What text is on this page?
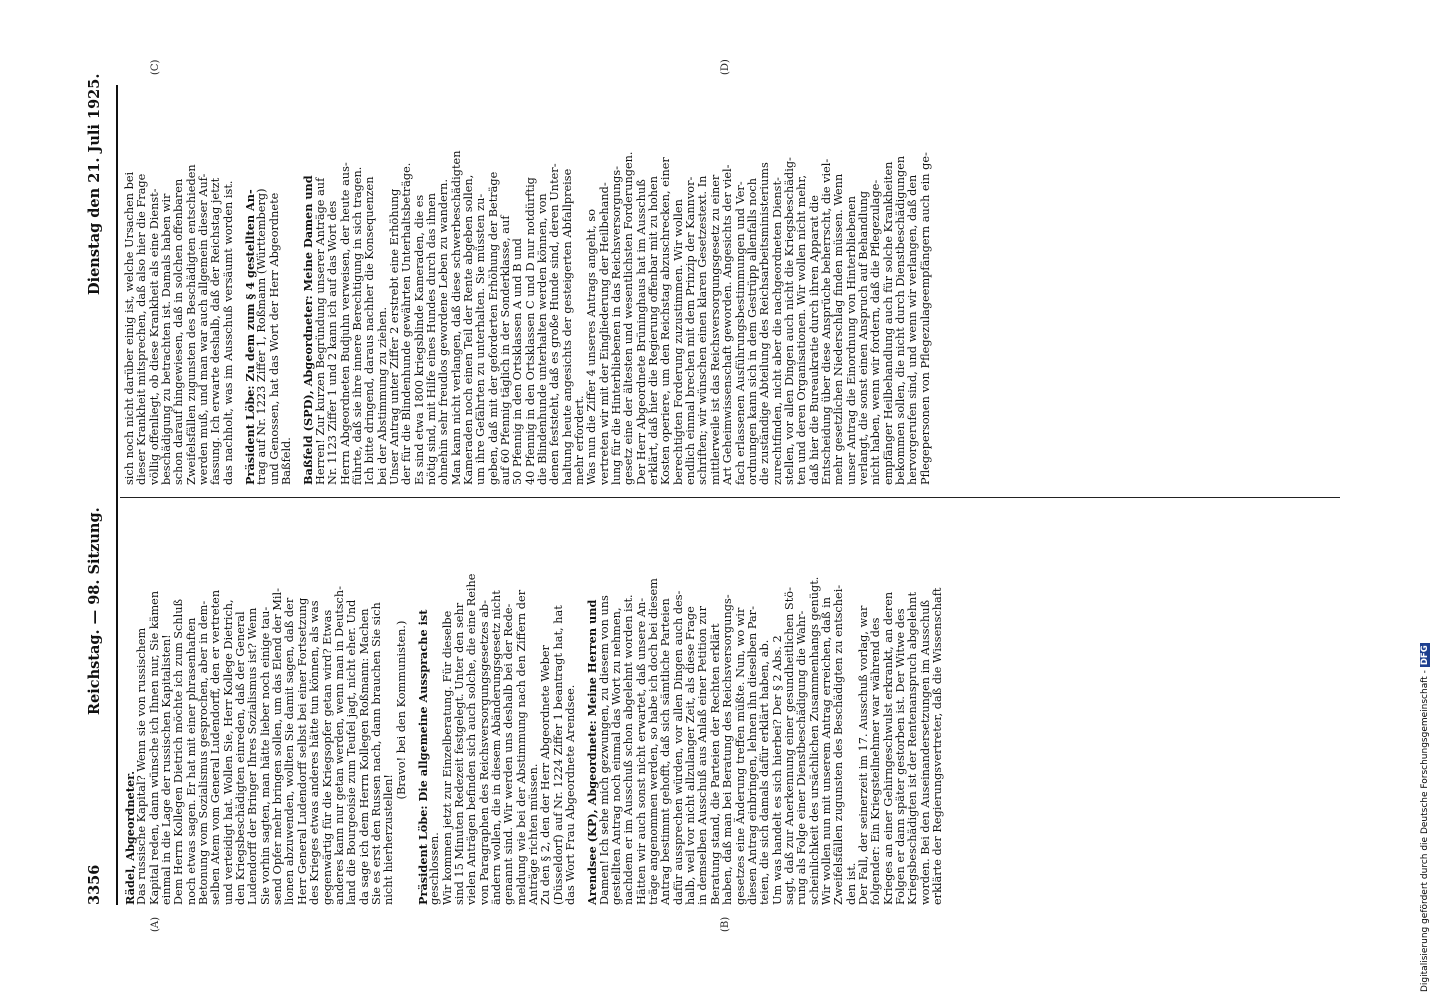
3356
Reichstag. — 98. Sitzung.
Dienstag den 21. Juli 1925.
(A)	(B)
(C)	(D)
Rädel, Abgeordneter.
Das russische Kapital? Wenn sie von russischem Kapital reden, dann wünsche ich Ihnen nur, Sie kämen einmal in die Lage der russischen Kapitalisten! Dem Herrn Kollegen Dietrich möchte ich zum Schluß noch etwas sagen. Er hat mit einer phrasenhaften Betonung vom Sozialismus gesprochen, aber in dem- selben Atem vom General Ludendorff, den er vertreten und verteidigt hat. Wollen Sie, Herr Kollege Dietrich, den Kriegsbeschädigten einreden, daß der General Ludendorff der Bringer Ihres Sozialismus ist? Wenn Sie vorhin sagten, man hätte lieber noch einige tau- send Opfer mehr bringen sollen, um das Elend der Mil- lionen abzuwenden, wollten Sie damit sagen, daß der Herr General Ludendorff selbst bei einer Fortsetzung des Krieges etwas anderes hätte tun können, als was gegenwärtig für die Kriegsopfer getan wird? Etwas anderes kann nur getan werden, wenn man in Deutsch- land die Bourgeoisie zum Teufel jagt, nicht eher. Und da sage ich dem Herrn Kollegen Roßmann: Machen Sie es erst den Russen nach, dann brauchen Sie sich nicht hierherzustellen!
(Bravo! bei den Kommunisten.) Präsident Löbe: Die allgemeine Aussprache ist
geschlossen. Wir kommen jetzt zur Einzelberatung. Für dieselbe sind 15 Minuten Redezeit festgelegt. Unter den sehr vielen Anträgen befinden sich auch solche, die eine Reihe von Paragraphen des Reichsversorgungsgesetzes ab- ändern wollen, die in diesem Abänderungsgesetz nicht genannt sind. Wir werden uns deshalb bei der Rede- meldung wie bei der Abstimmung nach den Ziffern der Anträge richten müssen. Zu den § 2, den der Herr Abgeordnete Weber (Düsseldorf) auf Nr. 1224 Ziffer 1 beantragt hat, hat das Wort Frau Abgeordnete Arendsee. Arendsee (KP), Abgeordnete: Meine Herren und
Damen! Ich sehe mich gezwungen, zu diesem von uns gestellten Antrag noch einmal das Wort zu nehmen, nachdem er im Ausschuß schon abgelehnt worden ist. Hätten wir auch sonst nicht erwartet, daß unsere An- träge angenommen werden, so habe ich doch bei diesem Antrag bestimmt gehofft, daß sich sämtliche Parteien dafür aussprechen würden, vor allen Dingen auch des- halb, weil vor nicht allzulanger Zeit, als diese Frage in demselben Ausschuß aus Anlaß einer Petition zur Beratung stand, die Parteien der Rechten erklärt haben, daß man bei Beratung des Reichsversorgungs- gesetzes eine Änderung treffen müßte. Nun, wo wir diesen Antrag einbringen, lehnen ihn dieselben Par- teien, die sich damals dafür erklärt haben, ab. Um was handelt es sich hierbei? Der § 2 Abs. 2 sagt, daß zur Anerkennung einer gesundheitlichen Stö- rung als Folge einer Dienstbeschädigung die Wahr- scheinlichkeit des ursächlichen Zusammenhangs genügt. Wir wollen nun mit unserem Antrag erreichen, daß in Zweifelsfällen zugunsten des Beschädigten zu entschei- den ist. Der Fall, der seinerzeit im 17. Ausschuß vorlag, war folgender: Ein Kriegsteilnehmer war während des Krieges an einer Gehirngeschwulst erkrankt, an deren Folgen er dann später gestorben ist. Der Witwe des Kriegsbeschädigten ist der Rentenanspruch abgelehnt worden. Bei den Auseinandersetzungen im Ausschuß erklärte der Regierungsvertreter, daß die Wissenschaft
sich noch nicht darüber einig ist, welche Ursachen bei dieser Krankheit mitsprechen, daß also hier die Frage völlig offenliegt, ob diese Krankheit als eine Dienst- beschädigung zu betrachten ist. Damals haben wir schon darauf hingewiesen, daß in solchen offenbaren Zweifelsfällen zugunsten des Beschädigten entschieden werden muß, und man war auch allgemein dieser Auf- fassung. Ich erwarte deshalb, daß der Reichstag jetzt das nachholt, was im Ausschuß versäumt worden ist. Präsident Löbe: Zu dem zum § 4 gestellten An-
trag auf Nr. 1223 Ziffer 1, Roßmann (Württemberg) und Genossen, hat das Wort der Herr Abgeordnete Baßfeld. Baßfeld (SPD), Abgeordneter: Meine Damen und
Herren! Zur kurzen Begründung unserer Anträge auf Nr. 1123 Ziffer 1 und 2 kann ich auf das Wort des Herrn Abgeordneten Budjuhn verweisen, der heute aus- führte, daß sie ihre innere Berechtigung in sich tragen. Ich bitte dringend, daraus nachher die Konsequenzen bei der Abstimmung zu ziehen. Unser Antrag unter Ziffer 2 erstrebt eine Erhöhung der für die Blindenhunde gewährten Unterhaltsbeträge. Es sind etwa 1800 kriegsblinde Kameraden, die es nötig sind, mit Hilfe eines Hundes durch das ihnen ohnehin sehr freudlos gewordene Leben zu wandern. Man kann nicht verlangen, daß diese schwerbeschädigten Kameraden noch einen Teil der Rente abgeben sollen, um ihre Gefährten zu unterhalten. Sie müssten zu- geben, daß mit der geforderten Erhöhung der Beträge auf 60 Pfennig täglich in der Sonderklasse, auf 50 Pfennig in den Ortsklassen A und B und 40 Pfennig in den Ortsklassen C und D nur notdürftig die Blindenhunde unterhalten werden können, von denen feststeht, daß es große Hunde sind, deren Unter- haltung heute angesichts der gesteigerten Abfallpreise mehr erfordert. Was nun die Ziffer 4 unseres Antrags angeht, so vertreten wir mit der Eingliederung der Heilbehand- lung für die Hinterbliebenen in das Reichsversorgungs- gesetz eine der ältesten und wesentlichsten Forderungen. Der Herr Abgeordnete Brüninghaus hat im Ausschuß erklärt, daß hier die Regierung offenbar mit zu hohen Kosten operiere, um den Reichstag abzuschrecken, einer berechtigten Forderung zuzustimmen. Wir wollen endlich einmal brechen mit dem Prinzip der Kannvor- schriften; wir wünschen einen klaren Gesetzestext. In mittlerweile ist das Reichsversorgungsgesetz zu einer Art Geheimwissenschaft geworden. Angesichts der viel- fach erlassenen Ausführungsbestimmungen und Ver- ordnungen kann sich in dem Gestrüpp allenfalls noch die zuständige Abteilung des Reichsarbeitsministeriums zurechtfinden, nicht aber die nachgeordneten Dienst- stellen, vor allen Dingen auch nicht die Kriegsbeschädig- ten und deren Organisationen. Wir wollen nicht mehr, daß hier die Bureaukratie durch ihren Apparat die Entscheidung über diese Ansprüche beherrscht, die viel- mehr gesetzlichen Niederschlag finden müssen. Wenn unser Antrag die Einordnung von Hinterbliebenen verlangt, die sonst einen Anspruch auf Behandlung nicht haben, wenn wir fordern, daß die Pflegezulage- empfänger Heilbehandlung auch für solche Krankheiten bekommen sollen, die nicht durch Dienstbeschädigungen hervorgerufen sind, und wenn wir verlangen, daß den Pflegepersonen von Pflegezulageempfängern auch ein ge-
Digitalisierung gefördert durch die Deutsche Forschungsgemeinschaft -DFG
